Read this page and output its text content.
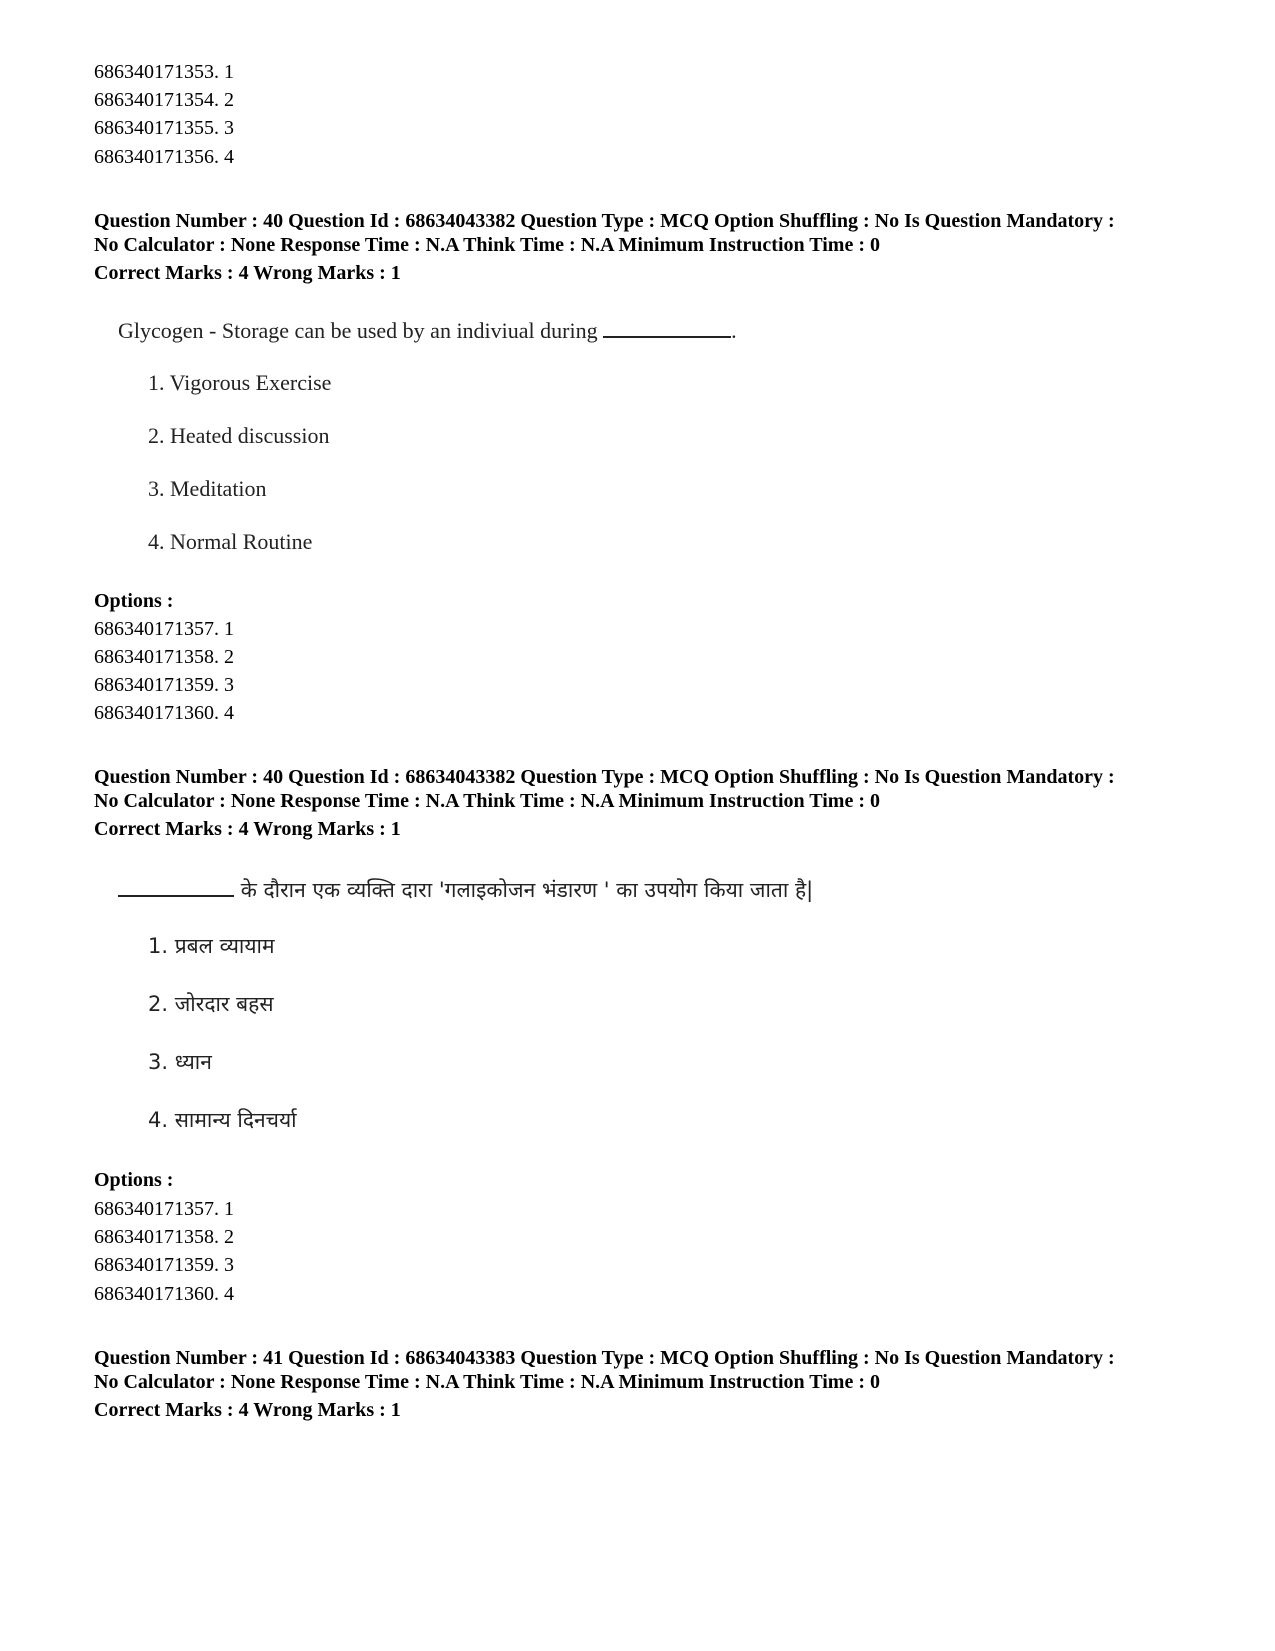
686340171353. 1
686340171354. 2
686340171355. 3
686340171356. 4
Question Number : 40 Question Id : 68634043382 Question Type : MCQ Option Shuffling : No Is Question Mandatory :
No Calculator : None Response Time : N.A Think Time : N.A Minimum Instruction Time : 0
Correct Marks : 4 Wrong Marks : 1
Glycogen - Storage can be used by an indiviual during	.
1. Vigorous Exercise
2. Heated discussion
3. Meditation
4. Normal Routine
Options :
686340171357. 1
686340171358. 2
686340171359. 3
686340171360. 4
Question Number : 40 Question Id : 68634043382 Question Type : MCQ Option Shuffling : No Is Question Mandatory :
No Calculator : None Response Time : N.A Think Time : N.A Minimum Instruction Time : 0
Correct Marks : 4 Wrong Marks : 1
के दौरान एक व्यक्ति दारा 'गलाइकोजन भंडारण ' का उपयोग किया जाता है|
1. प्रबल व्यायाम
2. जोरदार बहस
3. ध्यान
4. सामान्य दिनचर्या
Options :
686340171357. 1
686340171358. 2
686340171359. 3
686340171360. 4
Question Number : 41 Question Id : 68634043383 Question Type : MCQ Option Shuffling : No Is Question Mandatory :
No Calculator : None Response Time : N.A Think Time : N.A Minimum Instruction Time : 0
Correct Marks : 4 Wrong Marks : 1
